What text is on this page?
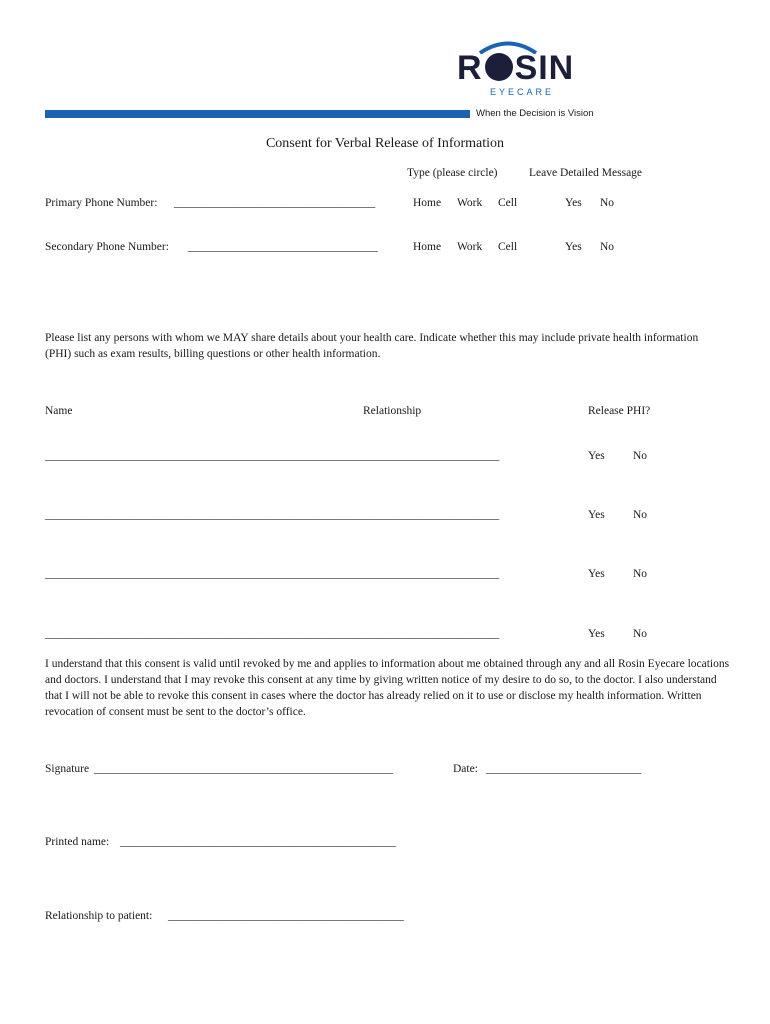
R SIN
EYECARE
When the Decision is Vision
Consent for Verbal Release of Information
Type (please circle)	Leave Detailed Message
Primary Phone Number: ___________________________________	Home Work Cell	Yes No
Secondary Phone Number: _________________________________	Home Work Cell	Yes No
Please list any persons with whom we MAY share details about your health care. Indicate whether this may include private health information (PHI) such as exam results, billing questions or other health information.
Name	Relationship	Release PHI?
_______________________________________________________________________________	Yes No
_______________________________________________________________________________	Yes No
_______________________________________________________________________________	Yes No
_______________________________________________________________________________	Yes No
I understand that this consent is valid until revoked by me and applies to information about me obtained through any and all Rosin Eyecare locations and doctors. I understand that I may revoke this consent at any time by giving written notice of my desire to do so, to the doctor. I also understand that I will not be able to revoke this consent in cases where the doctor has already relied on it to use or disclose my health information. Written revocation of consent must be sent to the doctor’s office.
Signature ____________________________________________________	Date: ___________________________
Printed name: ________________________________________________
Relationship to patient: _________________________________________
